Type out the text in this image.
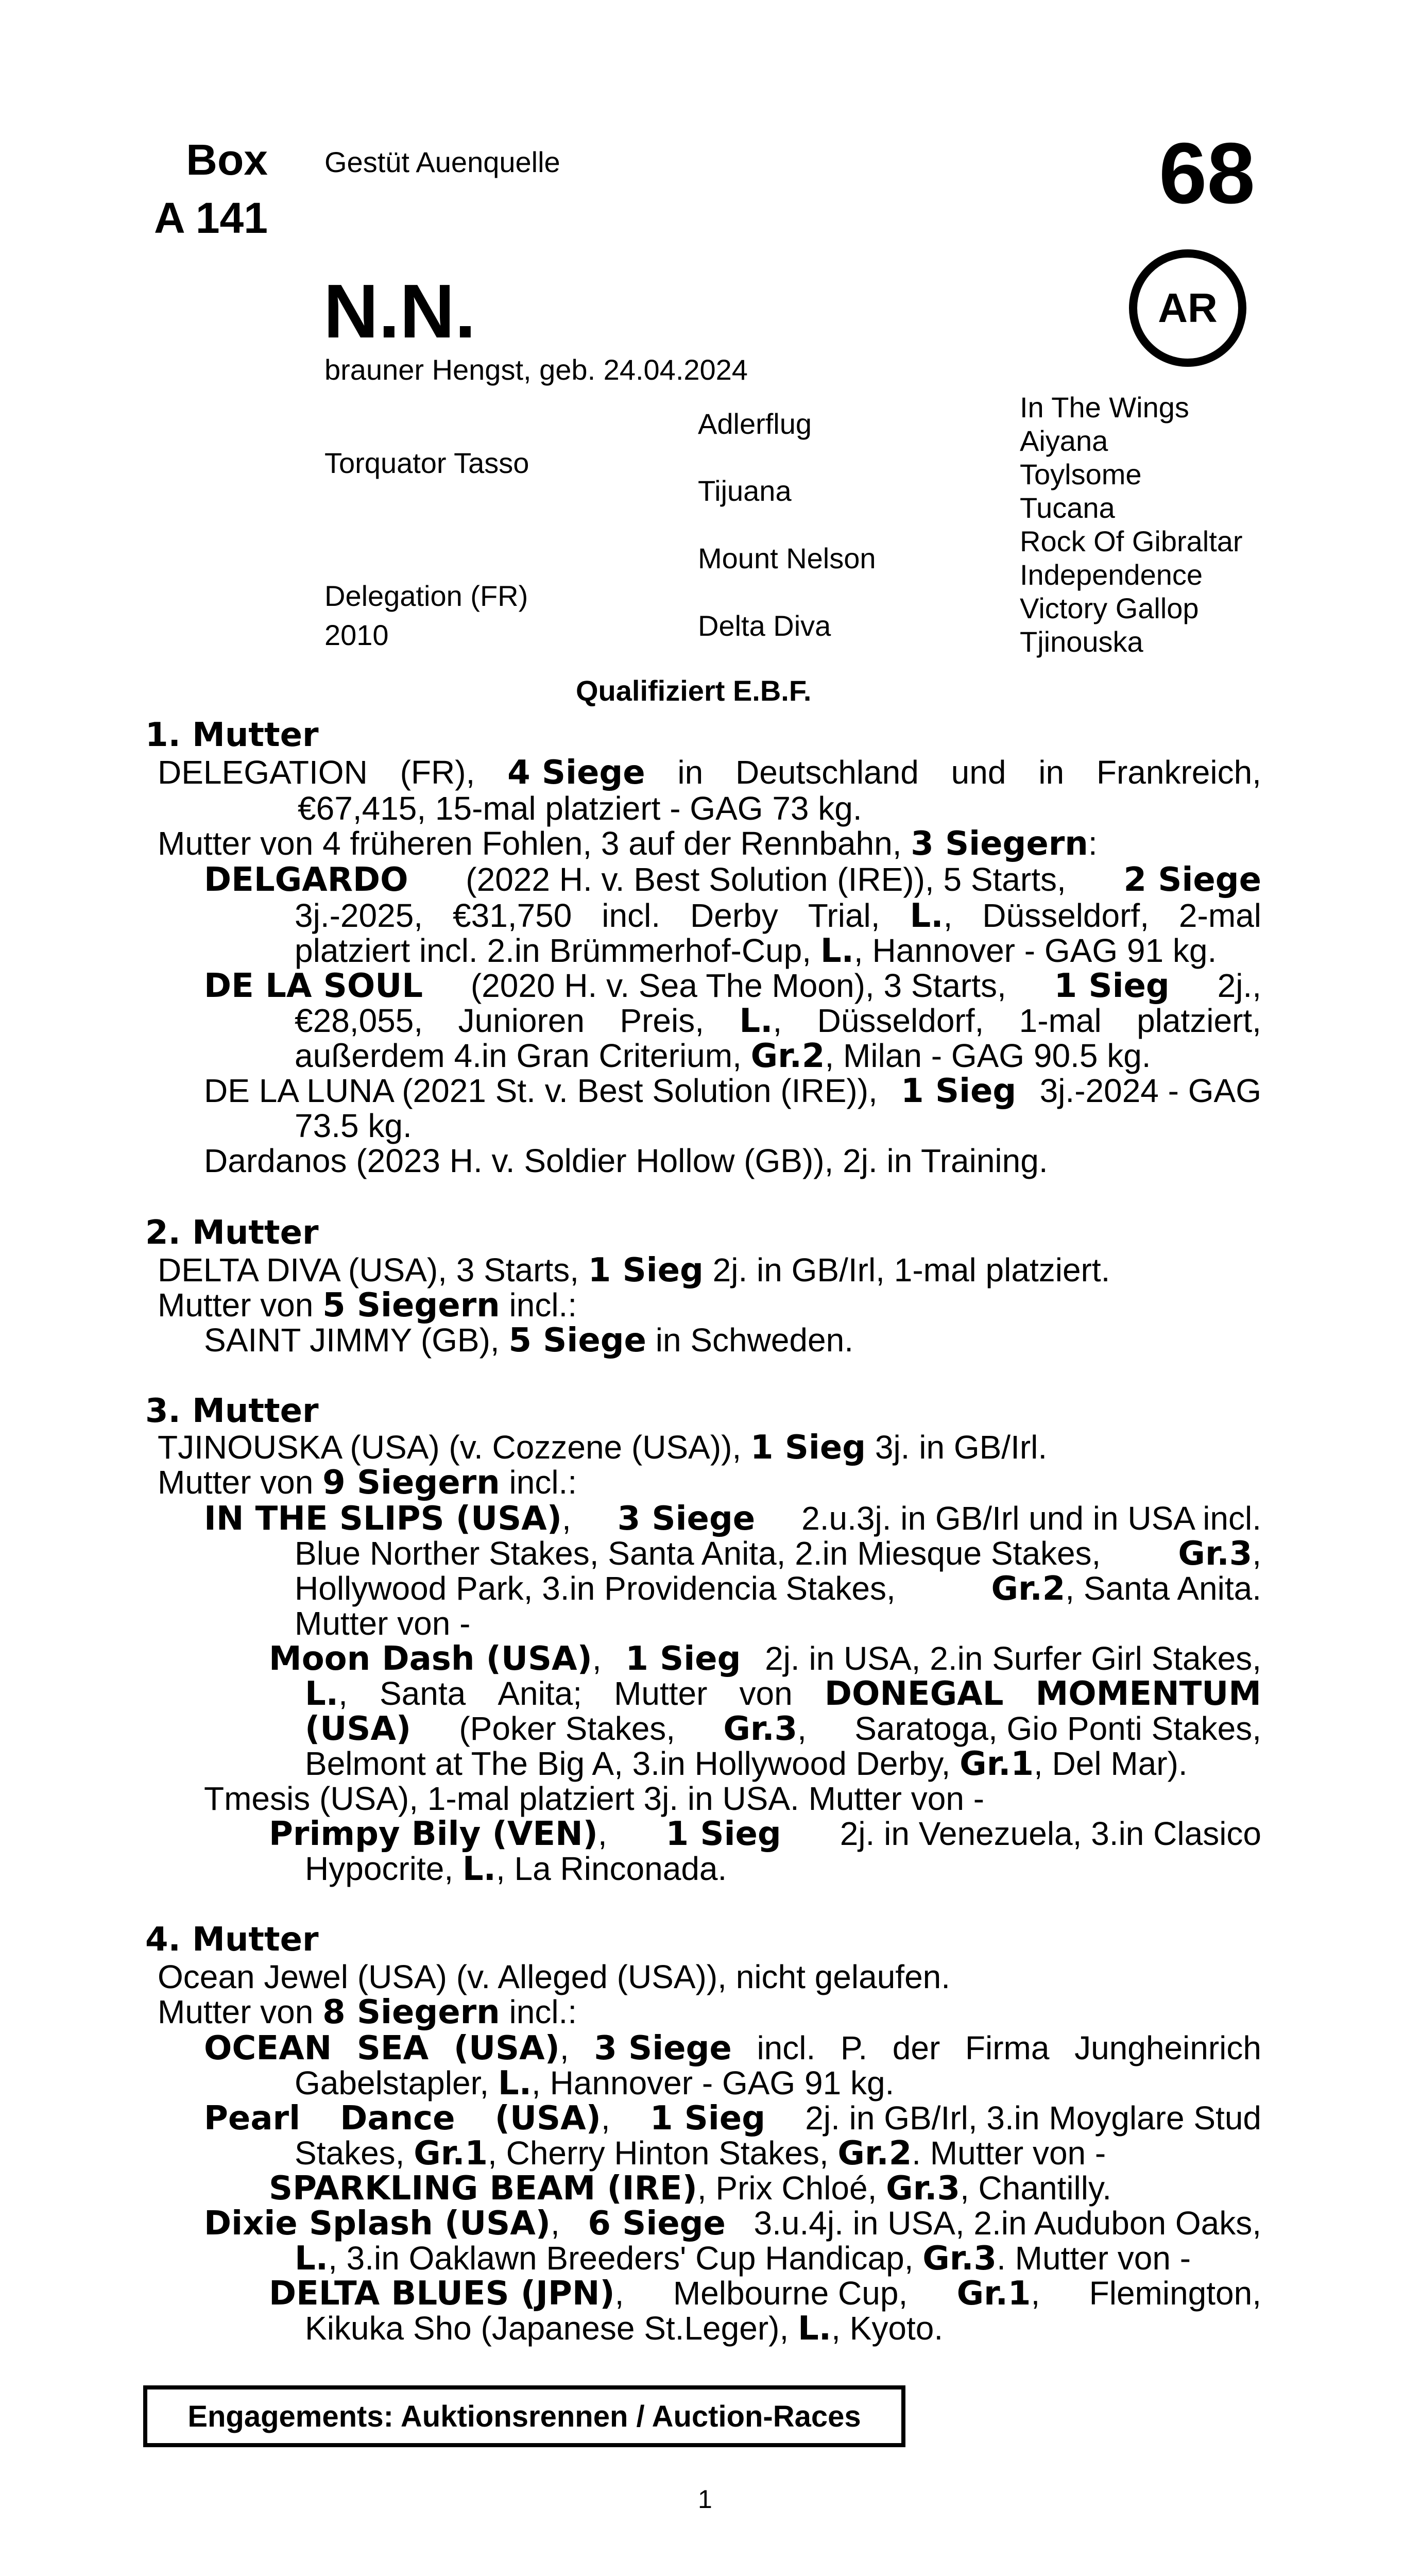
Box
A 141
Gestüt Auenquelle	68
AR
N.N.
brauner Hengst, geb. 24.04.2024
Torquator Tasso
Delegation (FR)
2010
Adlerflug
Tijuana
Mount Nelson
Delta Diva
In The Wings
Aiyana
Toylsome
Tucana
Rock Of Gibraltar
Independence
Victory Gallop
Tjinouska
Qualifiziert E.B.F.
1. Mutter
DELEGATION (FR), 4 Siege in Deutschland und in Frankreich,
€67,415, 15-mal platziert - GAG 73 kg.
Mutter von 4 früheren Fohlen, 3 auf der Rennbahn, 3 Siegern:
DELGARDO (2022 H. v. Best Solution (IRE)), 5 Starts, 2 Siege
3j.-2025, €31,750 incl. Derby Trial, L., Düsseldorf, 2-mal
platziert incl. 2.in Brümmerhof-Cup, L., Hannover - GAG 91 kg.
DE LA SOUL (2020 H. v. Sea The Moon), 3 Starts, 1 Sieg 2j.,
€28,055, Junioren Preis, L., Düsseldorf, 1-mal platziert,
außerdem 4.in Gran Criterium, Gr.2, Milan - GAG 90.5 kg.
DE LA LUNA (2021 St. v. Best Solution (IRE)), 1 Sieg 3j.-2024 - GAG
73.5 kg.
Dardanos (2023 H. v. Soldier Hollow (GB)), 2j. in Training.
2. Mutter
DELTA DIVA (USA), 3 Starts, 1 Sieg 2j. in GB/Irl, 1-mal platziert.
Mutter von 5 Siegern incl.:
SAINT JIMMY (GB), 5 Siege in Schweden.
3. Mutter
TJINOUSKA (USA) (v. Cozzene (USA)), 1 Sieg 3j. in GB/Irl.
Mutter von 9 Siegern incl.:
IN THE SLIPS (USA), 3 Siege 2.u.3j. in GB/Irl und in USA incl.
Blue Norther Stakes, Santa Anita, 2.in Miesque Stakes, Gr.3,
Hollywood Park, 3.in Providencia Stakes,	Gr.2, Santa Anita.
Mutter von -
Moon Dash (USA), 1 Sieg 2j. in USA, 2.in Surfer Girl Stakes,
L., Santa Anita; Mutter von DONEGAL MOMENTUM
(USA) (Poker Stakes, Gr.3, Saratoga, Gio Ponti Stakes,
Belmont at The Big A, 3.in Hollywood Derby, Gr.1, Del Mar).
Tmesis (USA), 1-mal platziert 3j. in USA. Mutter von -
Primpy Bily (VEN), 1 Sieg 2j. in Venezuela, 3.in Clasico
Hypocrite, L., La Rinconada.
4. Mutter
Ocean Jewel (USA) (v. Alleged (USA)), nicht gelaufen.
Mutter von 8 Siegern incl.:
OCEAN SEA (USA), 3 Siege incl. P. der Firma Jungheinrich
Gabelstapler, L., Hannover - GAG 91 kg.
Pearl Dance (USA), 1 Sieg 2j. in GB/Irl, 3.in Moyglare Stud
Stakes, Gr.1, Cherry Hinton Stakes, Gr.2. Mutter von -
SPARKLING BEAM (IRE), Prix Chloé, Gr.3, Chantilly.
Dixie Splash (USA), 6 Siege 3.u.4j. in USA, 2.in Audubon Oaks,
L., 3.in Oaklawn Breeders' Cup Handicap, Gr.3. Mutter von -
DELTA BLUES (JPN), Melbourne Cup, Gr.1, Flemington,
Kikuka Sho (Japanese St.Leger), L., Kyoto.
Engagements: Auktionsrennen / Auction-Races
1
